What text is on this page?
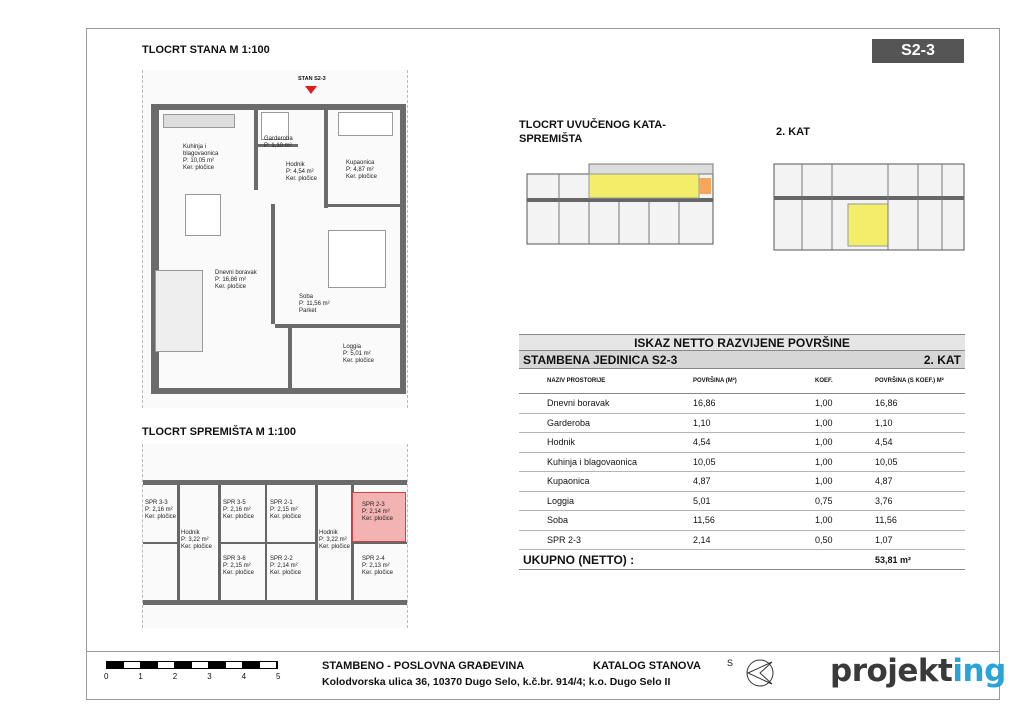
S2-3
TLOCRT STANA M 1:100
STAN S2-3
Kuhinja i blagovaonica
P: 10,05 m²
Ker. pločice
Garderoba
P: 1,10 m²
Hodnik
P: 4,54 m²
Ker. pločice
Kupaonica
P: 4,87 m²
Ker. pločice
Dnevni boravak
P: 16,86 m²
Ker. pločice
Soba
P: 11,56 m²
Parket
Loggia
P: 5,01 m²
Ker. pločice
TLOCRT SPREMIŠTA M 1:100
SPR 3-3
P: 2,16 m²
Ker. pločice
Hodnik
P: 3,22 m²
Ker. pločice
SPR 3-5
P: 2,16 m²
Ker. pločice
SPR 2-1
P: 2,15 m²
Ker. pločice
Hodnik
P: 3,22 m²
Ker. pločice
SPR 2-3
P: 2,14 m²
Ker. pločice
SPR 3-6
P: 2,15 m²
Ker. pločice
SPR 2-2
P: 2,14 m²
Ker. pločice
SPR 2-4
P: 2,13 m²
Ker. pločice
TLOCRT UVUČENOG KATA-
SPREMIŠTA
2. KAT
ISKAZ NETTO RAZVIJENE POVRŠINE
STAMBENA JEDINICA S2-3	2. KAT
NAZIV PROSTORIJE	POVRŠINA (M²)	KOEF.	POVRŠINA (S KOEF.) M²
Dnevni boravak	16,86	1,00	16,86
Garderoba	1,10	1,00	1,10
Hodnik	4,54	1,00	4,54
Kuhinja i blagovaonica	10,05	1,00	10,05
Kupaonica	4,87	1,00	4,87
Loggia	5,01	0,75	3,76
Soba	11,56	1,00	11,56
SPR 2-3	2,14	0,50	1,07
UKUPNO (NETTO) :	53,81 m²
0	1	2	3	4	5
STAMBENO - POSLOVNA GRAĐEVINA	KATALOG STANOVA
Kolodvorska ulica 36, 10370 Dugo Selo, k.č.br. 914/4; k.o. Dugo Selo II
S	projekting
